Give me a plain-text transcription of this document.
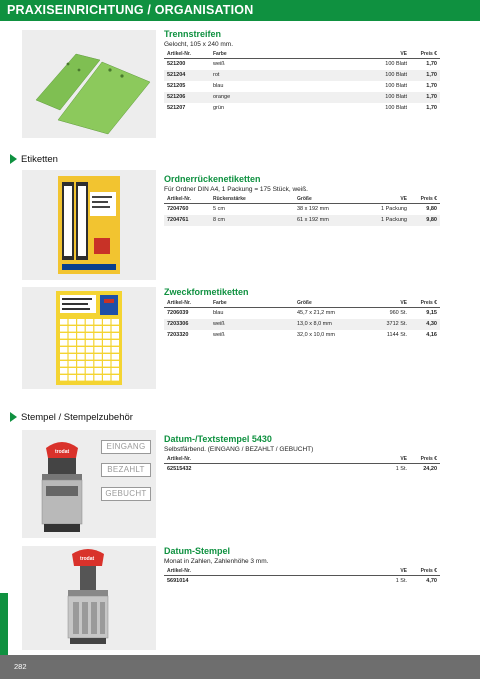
PRAXISEINRICHTUNG / ORGANISATION
Trennstreifen
Gelocht, 105 x 240 mm.
Artikel-Nr.	Farbe	VE	Preis €
521200	weiß	100 Blatt	1,70
521204	rot	100 Blatt	1,70
521205	blau	100 Blatt	1,70
521206	orange	100 Blatt	1,70
521207	grün	100 Blatt	1,70
Etiketten
Ordnerrückenetiketten
Für Ordner DIN A4, 1 Packung = 175 Stück, weiß.
Artikel-Nr.	Rückenstärke	Größe	VE	Preis €
7204760	5 cm	38 x 192 mm	1 Packung	9,80
7204761	8 cm	61 x 192 mm	1 Packung	9,80
Zweckformetiketten
Artikel-Nr.	Farbe	Größe	VE	Preis €
7206039	blau	45,7 x 21,2 mm	960 St.	9,15
7203306	weiß	13,0 x 8,0 mm	3712 St.	4,30
7203320	weiß	32,0 x 10,0 mm	1144 St.	4,16
Stempel / Stempelzubehör
trodat
EINGANG
BEZAHLT
GEBUCHT
Datum-/Textstempel 5430
Selbstfärbend. (EINGANG / BEZAHLT / GEBUCHT)
Artikel-Nr.	VE	Preis €
62515432	1 St.	24,20
trodat
Datum-Stempel
Monat in Zahlen, Zahlenhöhe 3 mm.
Artikel-Nr.	VE	Preis €
5691014	1 St.	4,70
282
